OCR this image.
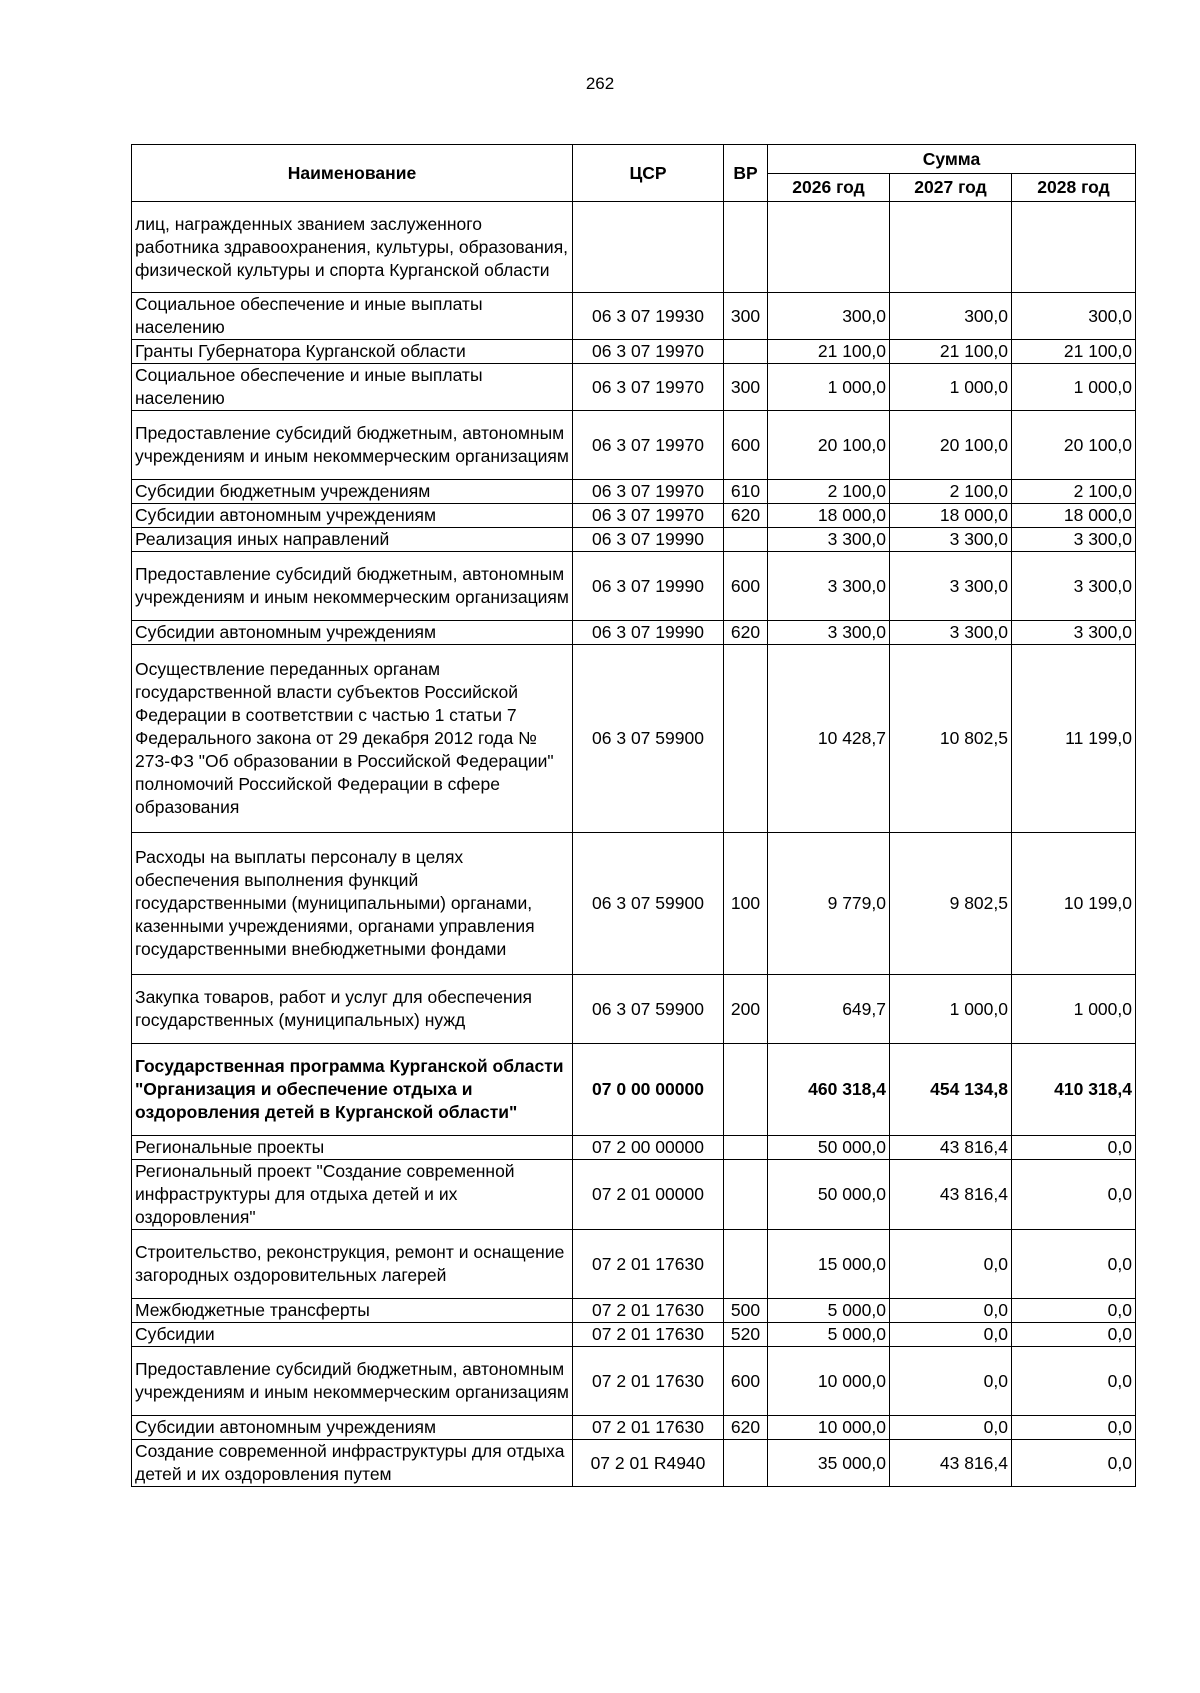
262
Наименование	ЦСР	ВР	Сумма		
			2026 год	2027 год	2028 год
лиц, награжденных званием заслуженного работника здравоохранения, культуры, образования, физической культуры и спорта Курганской области					
Социальное обеспечение и иные выплаты населению	06 3 07 19930	300	300,0	300,0	300,0
Гранты Губернатора Курганской области	06 3 07 19970		21 100,0	21 100,0	21 100,0
Социальное обеспечение и иные выплаты населению	06 3 07 19970	300	1 000,0	1 000,0	1 000,0
Предоставление субсидий бюджетным, автономным учреждениям и иным некоммерческим организациям	06 3 07 19970	600	20 100,0	20 100,0	20 100,0
Субсидии бюджетным учреждениям	06 3 07 19970	610	2 100,0	2 100,0	2 100,0
Субсидии автономным учреждениям	06 3 07 19970	620	18 000,0	18 000,0	18 000,0
Реализация иных направлений	06 3 07 19990		3 300,0	3 300,0	3 300,0
Предоставление субсидий бюджетным, автономным учреждениям и иным некоммерческим организациям	06 3 07 19990	600	3 300,0	3 300,0	3 300,0
Субсидии автономным учреждениям	06 3 07 19990	620	3 300,0	3 300,0	3 300,0
Осуществление переданных органам государственной власти субъектов Российской Федерации в соответствии с частью 1 статьи 7 Федерального закона от 29 декабря 2012 года № 273-ФЗ "Об образовании в Российской Федерации" полномочий Российской Федерации в сфере образования	06 3 07 59900		10 428,7	10 802,5	11 199,0
Расходы на выплаты персоналу в целях обеспечения выполнения функций государственными (муниципальными) органами, казенными учреждениями, органами управления государственными внебюджетными фондами	06 3 07 59900	100	9 779,0	9 802,5	10 199,0
Закупка товаров, работ и услуг для обеспечения государственных (муниципальных) нужд	06 3 07 59900	200	649,7	1 000,0	1 000,0
Государственная программа Курганской области "Организация и обеспечение отдыха и оздоровления детей в Курганской области"	07 0 00 00000		460 318,4	454 134,8	410 318,4
Региональные проекты	07 2 00 00000		50 000,0	43 816,4	0,0
Региональный проект "Создание современной инфраструктуры для отдыха детей и их оздоровления"	07 2 01 00000		50 000,0	43 816,4	0,0
Строительство, реконструкция, ремонт и оснащение загородных оздоровительных лагерей	07 2 01 17630		15 000,0	0,0	0,0
Межбюджетные трансферты	07 2 01 17630	500	5 000,0	0,0	0,0
Субсидии	07 2 01 17630	520	5 000,0	0,0	0,0
Предоставление субсидий бюджетным, автономным учреждениям и иным некоммерческим организациям	07 2 01 17630	600	10 000,0	0,0	0,0
Субсидии автономным учреждениям	07 2 01 17630	620	10 000,0	0,0	0,0
Создание современной инфраструктуры для отдыха детей и их оздоровления путем	07 2 01 R4940		35 000,0	43 816,4	0,0
